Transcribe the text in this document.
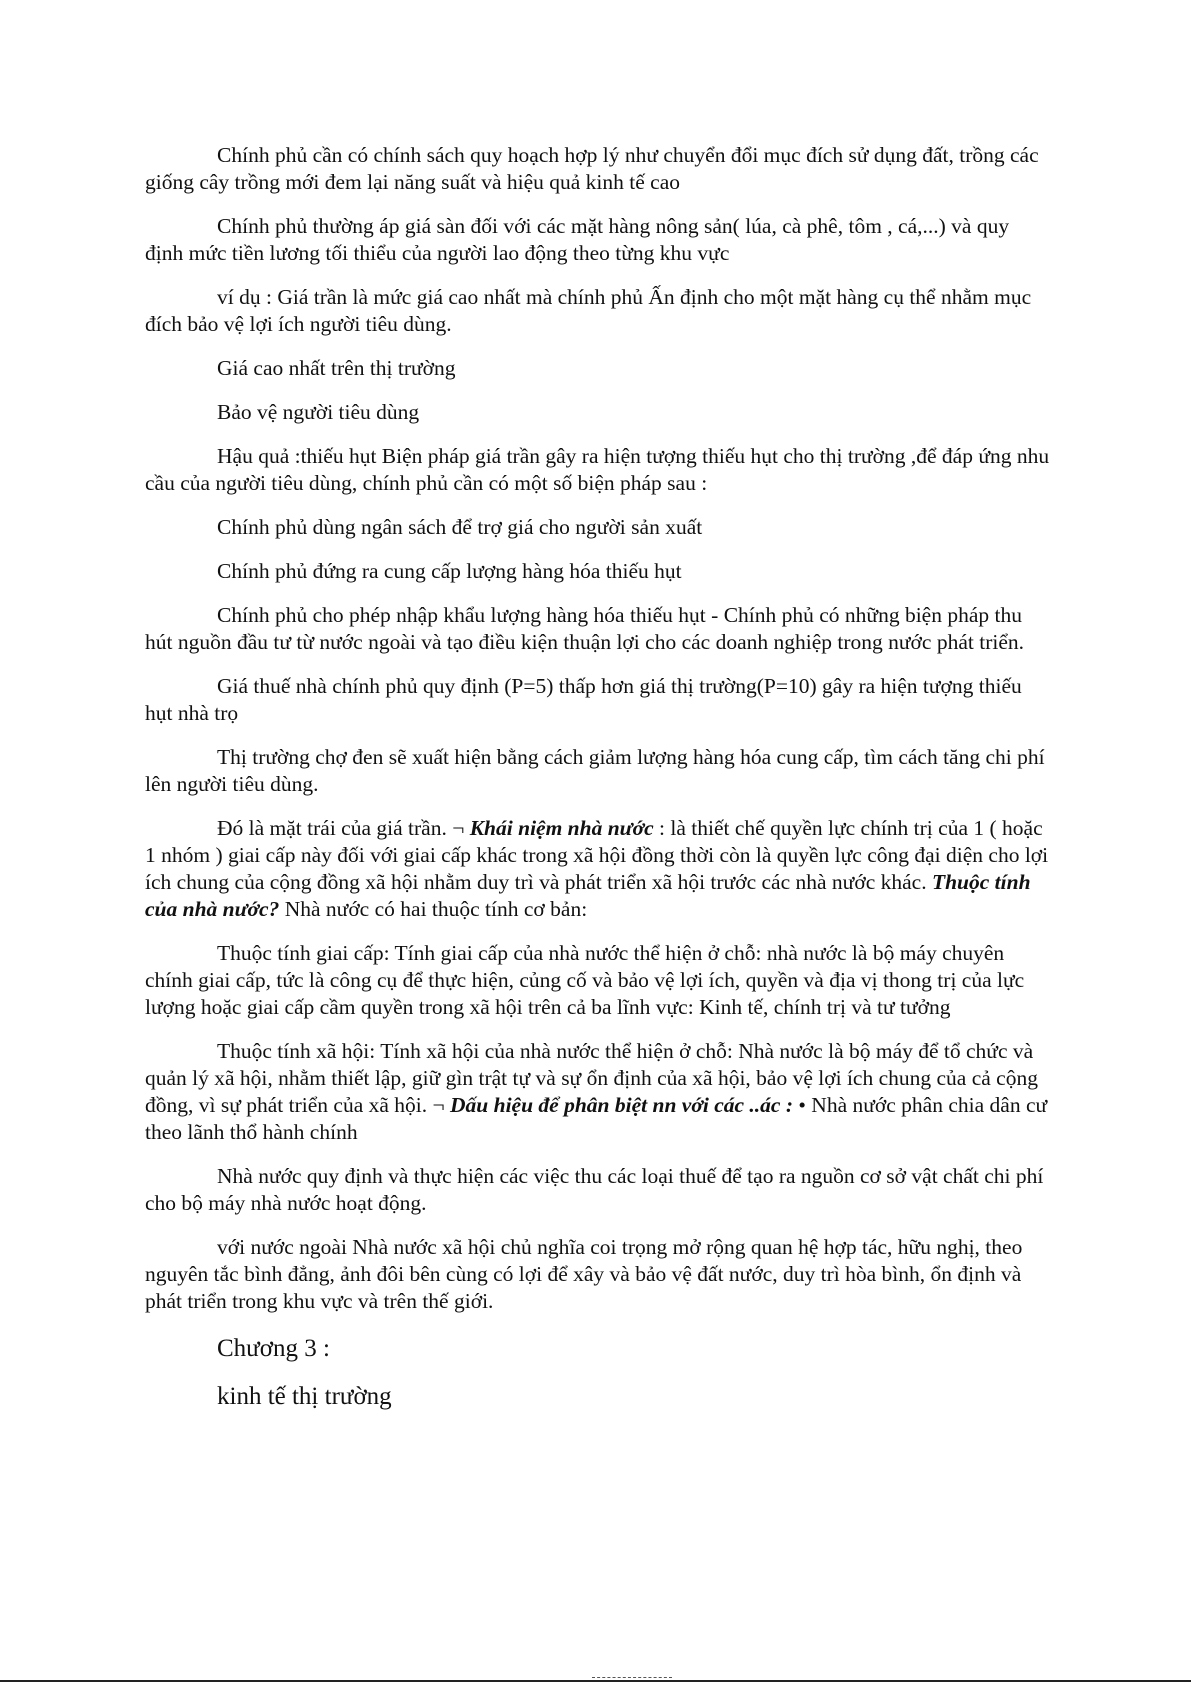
Chính phủ cần có chính sách quy hoạch hợp lý như chuyển đổi mục đích sử dụng đất, trồng các giống cây trồng mới đem lại năng suất và hiệu quả kinh tế cao

Chính phủ thường áp giá sàn đối với các mặt hàng nông sản( lúa, cà phê, tôm , cá,...) và quy định mức tiền lương tối thiểu của người lao động theo từng khu vực

ví dụ : Giá trần là mức giá cao nhất mà chính phủ Ấn định cho một mặt hàng cụ thể nhằm mục đích bảo vệ lợi ích người tiêu dùng.

Giá cao nhất trên thị trường

Bảo vệ người tiêu dùng

Hậu quả :thiếu hụt Biện pháp giá trần gây ra hiện tượng thiếu hụt cho thị trường ,để đáp ứng nhu cầu của người tiêu dùng, chính phủ cần có một số biện pháp sau :

Chính phủ dùng ngân sách để trợ giá cho người sản xuất

Chính phủ đứng ra cung cấp lượng hàng hóa thiếu hụt

Chính phủ cho phép nhập khẩu lượng hàng hóa thiếu hụt - Chính phủ có những biện pháp thu hút nguồn đầu tư từ nước ngoài và tạo điều kiện thuận lợi cho các doanh nghiệp trong nước phát triển.

Giá thuế nhà chính phủ quy định (P=5) thấp hơn giá thị trường(P=10) gây ra hiện tượng thiếu hụt nhà trọ

Thị trường chợ đen sẽ xuất hiện bằng cách giảm lượng hàng hóa cung cấp, tìm cách tăng chi phí lên người tiêu dùng.

Đó là mặt trái của giá trần. ¬ Khái niệm nhà nước : là thiết chế quyền lực chính trị của 1 ( hoặc 1 nhóm ) giai cấp này đối với giai cấp khác trong xã hội đồng thời còn là quyền lực công đại diện cho lợi ích chung của cộng đồng xã hội nhằm duy trì và phát triển xã hội trước các nhà nước khác. Thuộc tính của nhà nước? Nhà nước có hai thuộc tính cơ bản:

Thuộc tính giai cấp: Tính giai cấp của nhà nước thể hiện ở chỗ: nhà nước là bộ máy chuyên chính giai cấp, tức là công cụ để thực hiện, củng cố và bảo vệ lợi ích, quyền và địa vị thong trị của lực lượng hoặc giai cấp cầm quyền trong xã hội trên cả ba lĩnh vực: Kinh tế, chính trị và tư tưởng

Thuộc tính xã hội: Tính xã hội của nhà nước thể hiện ở chỗ: Nhà nước là bộ máy để tổ chức và quản lý xã hội, nhằm thiết lập, giữ gìn trật tự và sự ổn định của xã hội, bảo vệ lợi ích chung của cả cộng đồng, vì sự phát triển của xã hội. ¬ Dấu hiệu để phân biệt nn với các ..ác : • Nhà nước phân chia dân cư theo lãnh thổ hành chính

Nhà nước quy định và thực hiện các việc thu các loại thuế để tạo ra nguồn cơ sở vật chất chi phí cho bộ máy nhà nước hoạt động.

với nước ngoài Nhà nước xã hội chủ nghĩa coi trọng mở rộng quan hệ hợp tác, hữu nghị, theo nguyên tắc bình đẳng, ảnh đôi bên cùng có lợi để xây và bảo vệ đất nước, duy trì hòa bình, ổn định và phát triển trong khu vực và trên thế giới.

Chương 3 :

kinh tế thị trường
